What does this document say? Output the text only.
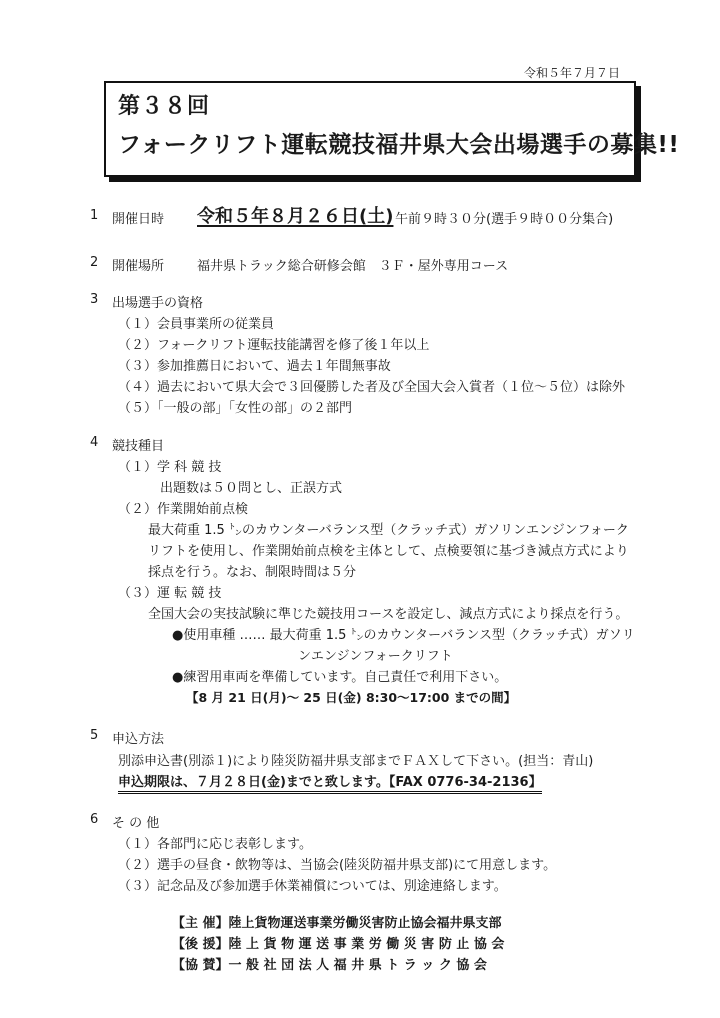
令和５年７月７日
第３８回
フォークリフト運転競技福井県大会出場選手の募集!!
1 開催日時 令和５年８月２６日(土) 午前９時３０分(選手９時００分集合)
2 開催場所	福井県トラック総合研修会館　３Ｆ・屋外専用コース
3 出場選手の資格
（１）会員事業所の従業員
（２）フォークリフト運転技能講習を修了後１年以上
（３）参加推薦日において、過去１年間無事故
（４）過去において県大会で３回優勝した者及び全国大会入賞者（１位～５位）は除外
（５）「一般の部」「女性の部」の２部門
4 競技種目
（１）学 科 競 技
出題数は５０問とし、正誤方式
（２）作業開始前点検
最大荷重 1.5 ㌧のカウンターバランス型（クラッチ式）ガソリンエンジンフォーク
リフトを使用し、作業開始前点検を主体として、点検要領に基づき減点方式により
採点を行う。なお、制限時間は５分
（３）運 転 競 技
全国大会の実技試験に準じた競技用コースを設定し、減点方式により採点を行う。
●使用車種 …… 最大荷重 1.5 ㌧のカウンターバランス型（クラッチ式）ガソリ
ンエンジンフォークリフト
●練習用車両を準備しています。自己責任で利用下さい。
【8 月 21 日(月)～ 25 日(金) 8:30～17:00 までの間】
5 申込方法
別添申込書(別添１)により陸災防福井県支部までＦＡＸして下さい。(担当：青山)
申込期限は、７月２８日(金)までと致します。【FAX 0776-34-2136】
6 そ の 他
（１）各部門に応じ表彰します。
（２）選手の昼食・飲物等は、当協会(陸災防福井県支部)にて用意します。
（３）記念品及び参加選手休業補償については、別途連絡します。
【主 催】陸上貨物運送事業労働災害防止協会福井県支部
【後 援】陸 上 貨 物 運 送 事 業 労 働 災 害 防 止 協 会
【協 賛】一 般 社 団 法 人 福 井 県 ト ラ ッ ク 協 会
